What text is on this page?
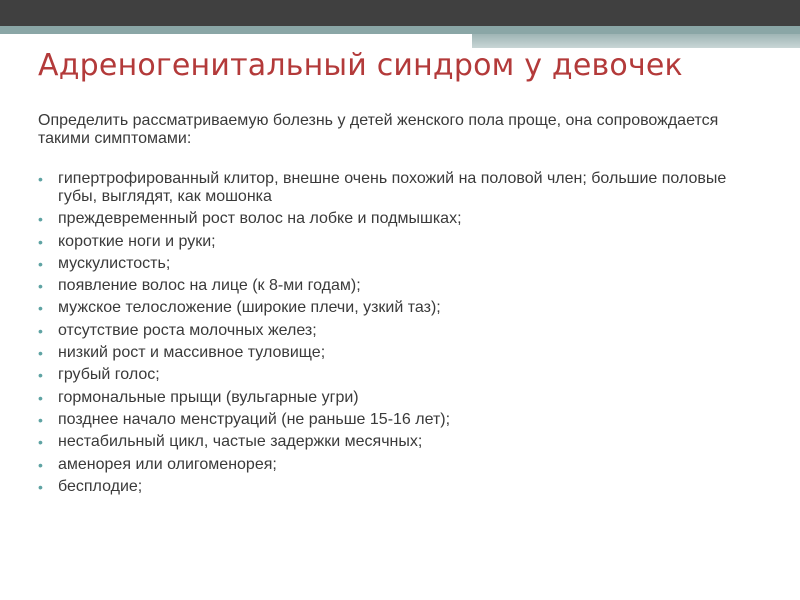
Адреногенитальный синдром у девочек

Определить рассматриваемую болезнь у детей женского пола проще, она сопровождается такими симптомами:

• гипертрофированный клитор, внешне очень похожий на половой член; большие половые губы, выглядят, как мошонка
• преждевременный рост волос на лобке и подмышках;
• короткие ноги и руки;
• мускулистость;
• появление волос на лице (к 8-ми годам);
• мужское телосложение (широкие плечи, узкий таз);
• отсутствие роста молочных желез;
• низкий рост и массивное туловище;
• грубый голос;
• гормональные прыщи (вульгарные угри)
• позднее начало менструаций (не раньше 15-16 лет);
• нестабильный цикл, частые задержки месячных;
• аменорея или олигоменорея;
• бесплодие;
